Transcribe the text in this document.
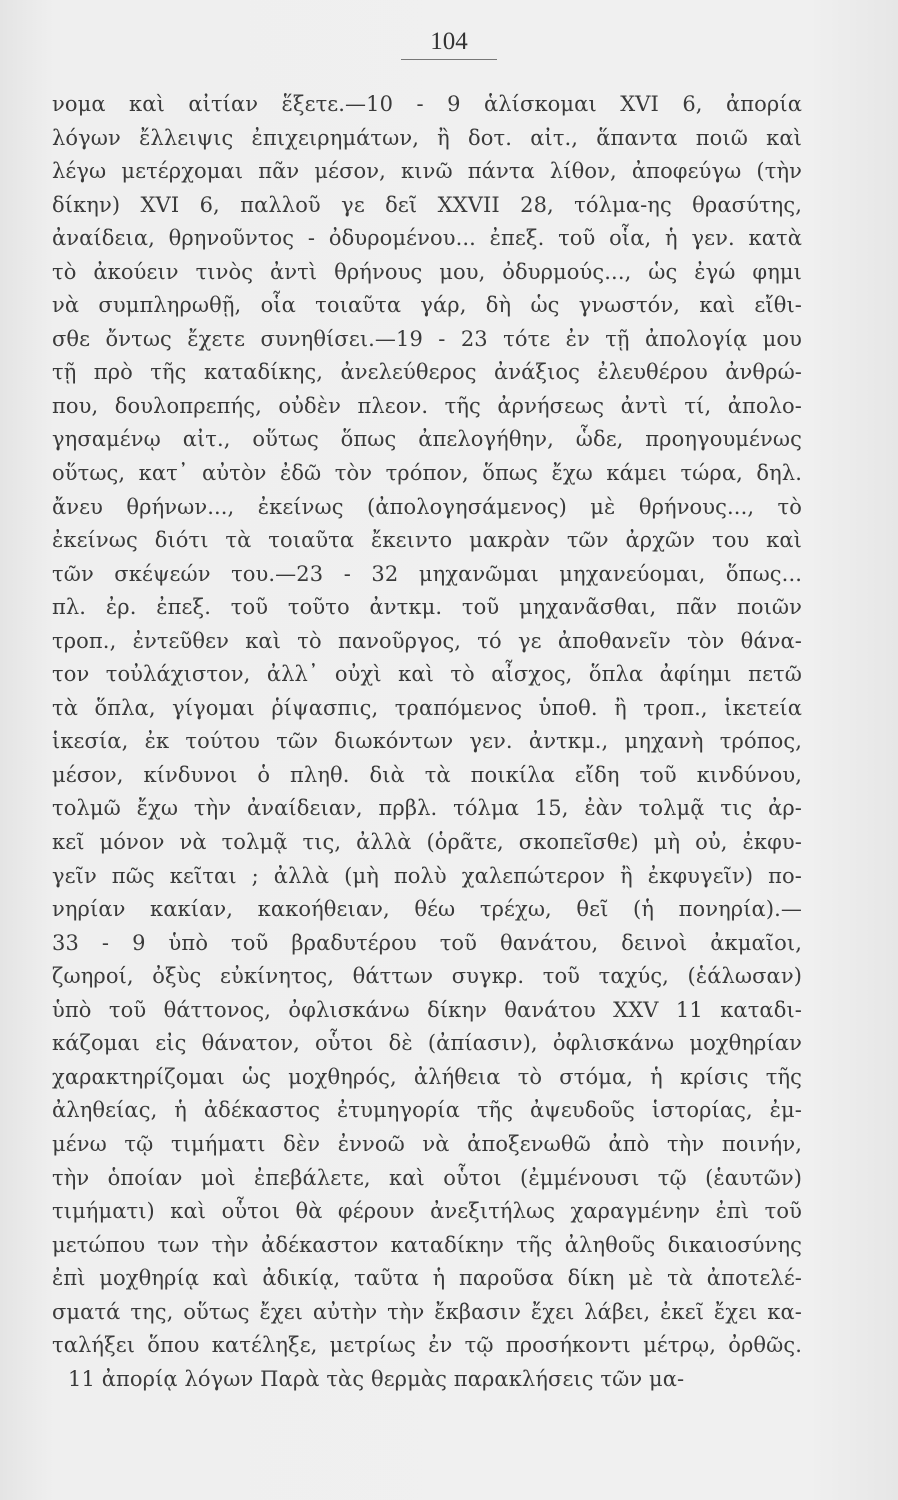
104
νομα καὶ αἰτίαν ἕξετε.—10 - 9 ἁλίσκομαι XVI 6, ἀπορία
λόγων ἔλλειψις ἐπιχειρημάτων, ἢ δοτ. αἰτ., ἅπαντα ποιῶ καὶ
λέγω μετέρχομαι πᾶν μέσον, κινῶ πάντα λίθον, ἀποφεύγω (τὴν
δίκην) XVI 6, παλλοῦ γε δεῖ XXVII 28, τόλμα-ης θρασύτης,
ἀναίδεια, θρηνοῦντος - ὀδυρομένου... ἐπεξ. τοῦ οἷα, ἡ γεν. κατὰ
τὸ ἀκούειν τινὸς ἀντὶ θρήνους μου, ὀδυρμούς..., ὡς ἐγώ φημι
νὰ συμπληρωθῇ, οἷα τοιαῦτα γάρ, δὴ ὡς γνωστόν, καὶ εἴθι-
σθε ὄντως ἔχετε συνηθίσει.—19 - 23 τότε ἐν τῇ ἀπολογίᾳ μου
τῇ πρὸ τῆς καταδίκης, ἀνελεύθερος ἀνάξιος ἐλευθέρου ἀνθρώ-
που, δουλοπρεπής, οὐδὲν πλεον. τῆς ἀρνήσεως ἀντὶ τί, ἀπολο-
γησαμένῳ αἰτ., οὕτως ὅπως ἀπελογήθην, ὧδε, προηγουμένως
οὕτως, κατ᾽ αὐτὸν ἐδῶ τὸν τρόπον, ὅπως ἔχω κάμει τώρα, δηλ.
ἄνευ θρήνων..., ἐκείνως (ἀπολογησάμενος) μὲ θρήνους..., τὸ
ἐκείνως διότι τὰ τοιαῦτα ἔκειντο μακρὰν τῶν ἀρχῶν του καὶ
τῶν σκέψεών του.—23 - 32 μηχανῶμαι μηχανεύομαι, ὅπως...
πλ. ἐρ. ἐπεξ. τοῦ τοῦτο ἀντκμ. τοῦ μηχανᾶσθαι, πᾶν ποιῶν
τροπ., ἐντεῦθεν καὶ τὸ πανοῦργος, τό γε ἀποθανεῖν τὸν θάνα-
τον τοὐλάχιστον, ἀλλ᾽ οὐχὶ καὶ τὸ αἶσχος, ὅπλα ἀφίημι πετῶ
τὰ ὅπλα, γίγομαι ῥίψασπις, τραπόμενος ὑποθ. ἢ τροπ., ἱκετεία
ἱκεσία, ἐκ τούτου τῶν διωκόντων γεν. ἀντκμ., μηχανὴ τρόπος,
μέσον, κίνδυνοι ὁ πληθ. διὰ τὰ ποικίλα εἴδη τοῦ κινδύνου,
τολμῶ ἔχω τὴν ἀναίδειαν, πρβλ. τόλμα 15, ἐὰν τολμᾷ τις ἀρ-
κεῖ μόνον νὰ τολμᾷ τις, ἀλλὰ (ὁρᾶτε, σκοπεῖσθε) μὴ οὐ, ἐκφυ-
γεῖν πῶς κεῖται ; ἀλλὰ (μὴ πολὺ χαλεπώτερον ἢ ἐκφυγεῖν) πο-
νηρίαν κακίαν, κακοήθειαν, θέω τρέχω, θεῖ (ἡ πονηρία).—
33 - 9 ὑπὸ τοῦ βραδυτέρου τοῦ θανάτου, δεινοὶ ἀκμαῖοι,
ζωηροί, ὀξὺς εὐκίνητος, θάττων συγκρ. τοῦ ταχύς, (ἑάλωσαν)
ὑπὸ τοῦ θάττονος, ὀφλισκάνω δίκην θανάτου XXV 11 καταδι-
κάζομαι εἰς θάνατον, οὗτοι δὲ (ἀπίασιν), ὀφλισκάνω μοχθηρίαν
χαρακτηρίζομαι ὡς μοχθηρός, ἀλήθεια τὸ στόμα, ἡ κρίσις τῆς
ἀληθείας, ἡ ἀδέκαστος ἐτυμηγορία τῆς ἀψευδοῦς ἱστορίας, ἐμ-
μένω τῷ τιμήματι δὲν ἐννοῶ νὰ ἀποξενωθῶ ἀπὸ τὴν ποινήν,
τὴν ὁποίαν μοὶ ἐπεβάλετε, καὶ οὗτοι (ἐμμένουσι τῷ (ἑαυτῶν)
τιμήματι) καὶ οὗτοι θὰ φέρουν ἀνεξιτήλως χαραγμένην ἐπὶ τοῦ
μετώπου των τὴν ἀδέκαστον καταδίκην τῆς ἀληθοῦς δικαιοσύνης
ἐπὶ μοχθηρίᾳ καὶ ἀδικίᾳ, ταῦτα ἡ παροῦσα δίκη μὲ τὰ ἀποτελέ-
σματά της, οὕτως ἔχει αὐτὴν τὴν ἔκβασιν ἔχει λάβει, ἐκεῖ ἔχει κα-
ταλήξει ὅπου κατέληξε, μετρίως ἐν τῷ προσήκοντι μέτρῳ, ὀρθῶς.
11 ἀπορίᾳ λόγων Παρὰ τὰς θερμὰς παρακλήσεις τῶν μα-
